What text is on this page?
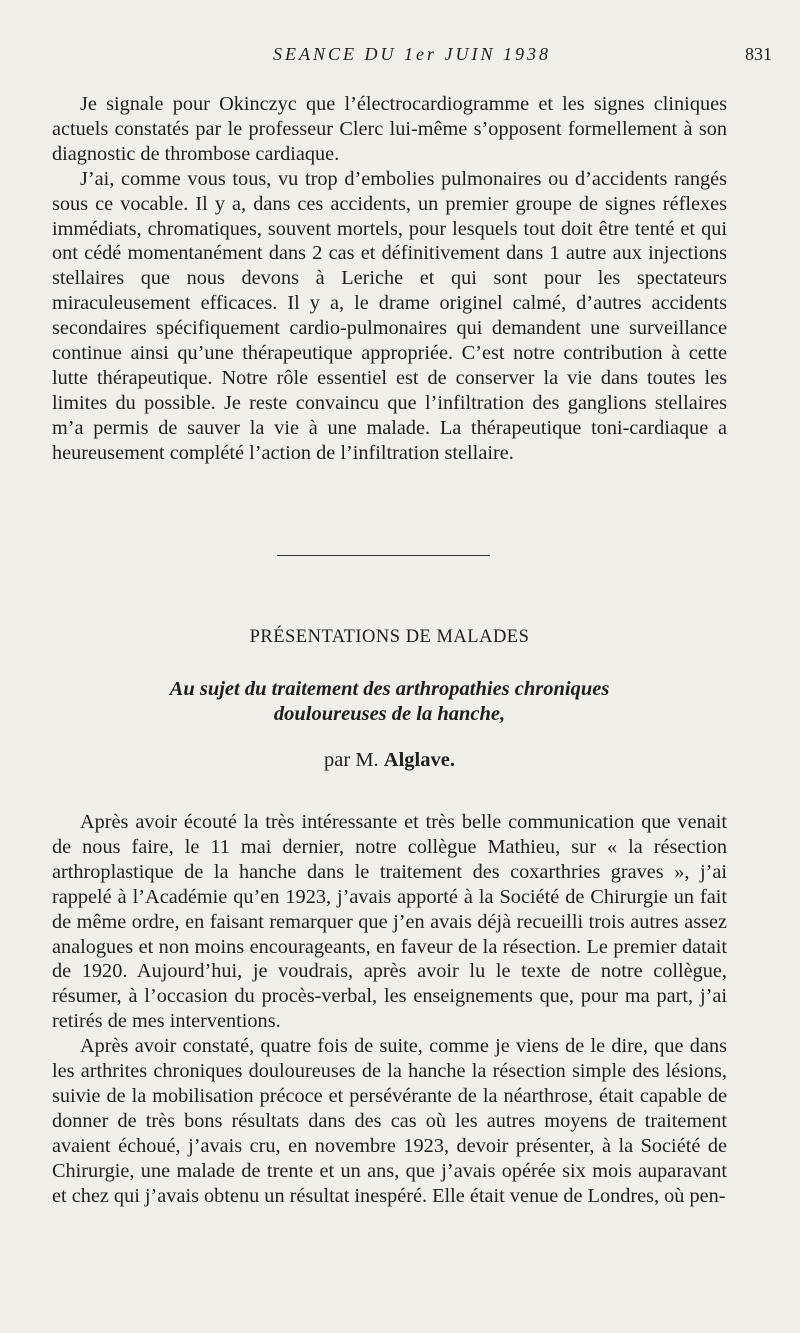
SEANCE DU 1er JUIN 1938	831

Je signale pour Okinczyc que l’électrocardiogramme et les signes cliniques actuels constatés par le professeur Clerc lui-même s’opposent formellement à son diagnostic de thrombose cardiaque.

J’ai, comme vous tous, vu trop d’embolies pulmonaires ou d’accidents rangés sous ce vocable. Il y a, dans ces accidents, un premier groupe de signes réflexes immédiats, chromatiques, souvent mortels, pour lesquels tout doit être tenté et qui ont cédé momentanément dans 2 cas et définitivement dans 1 autre aux injections stellaires que nous devons à Leriche et qui sont pour les spectateurs miraculeusement efficaces. Il y a, le drame originel calmé, d’autres accidents secondaires spécifiquement cardio-pulmonaires qui demandent une surveillance continue ainsi qu’une thérapeutique appropriée. C’est notre contribution à cette lutte thérapeutique. Notre rôle essentiel est de conserver la vie dans toutes les limites du possible. Je reste convaincu que l’infiltration des ganglions stellaires m’a permis de sauver la vie à une malade. La thérapeutique toni-cardiaque a heureusement complété l’action de l’infiltration stellaire.

PRÉSENTATIONS DE MALADES
Au sujet du traitement des arthropathies chroniques
douloureuses de la hanche,
par M. Alglave.

Après avoir écouté la très intéressante et très belle communication que venait de nous faire, le 11 mai dernier, notre collègue Mathieu, sur « la résection arthroplastique de la hanche dans le traitement des coxarthries graves », j’ai rappelé à l’Académie qu’en 1923, j’avais apporté à la Société de Chirurgie un fait de même ordre, en faisant remarquer que j’en avais déjà recueilli trois autres assez analogues et non moins encourageants, en faveur de la résection. Le premier datait de 1920. Aujourd’hui, je voudrais, après avoir lu le texte de notre collègue, résumer, à l’occasion du procès-verbal, les enseignements que, pour ma part, j’ai retirés de mes interventions.

Après avoir constaté, quatre fois de suite, comme je viens de le dire, que dans les arthrites chroniques douloureuses de la hanche la résection simple des lésions, suivie de la mobilisation précoce et persévérante de la néarthrose, était capable de donner de très bons résultats dans des cas où les autres moyens de traitement avaient échoué, j’avais cru, en novembre 1923, devoir présenter, à la Société de Chirurgie, une malade de trente et un ans, que j’avais opérée six mois auparavant et chez qui j’avais obtenu un résultat inespéré. Elle était venue de Londres, où pen-
